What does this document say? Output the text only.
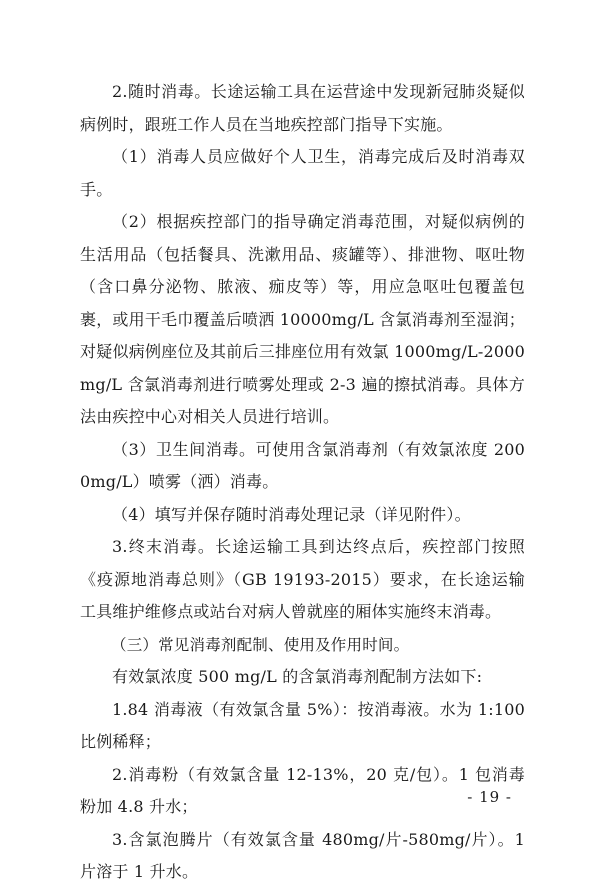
2.随时消毒。长途运输工具在运营途中发现新冠肺炎疑似病例时，跟班工作人员在当地疾控部门指导下实施。

（1）消毒人员应做好个人卫生，消毒完成后及时消毒双手。

（2）根据疾控部门的指导确定消毒范围，对疑似病例的生活用品（包括餐具、洗漱用品、痰罐等）、排泄物、呕吐物（含口鼻分泌物、脓液、痂皮等）等，用应急呕吐包覆盖包裹，或用干毛巾覆盖后喷洒 10000mg/L 含氯消毒剂至湿润；对疑似病例座位及其前后三排座位用有效氯 1000mg/L-2000mg/L 含氯消毒剂进行喷雾处理或 2-3 遍的擦拭消毒。具体方法由疾控中心对相关人员进行培训。

（3）卫生间消毒。可使用含氯消毒剂（有效氯浓度 2000mg/L）喷雾（洒）消毒。

（4）填写并保存随时消毒处理记录（详见附件）。

3.终末消毒。长途运输工具到达终点后，疾控部门按照《疫源地消毒总则》（GB 19193-2015）要求，在长途运输工具维护维修点或站台对病人曾就座的厢体实施终末消毒。

（三）常见消毒剂配制、使用及作用时间。

有效氯浓度 500 mg/L 的含氯消毒剂配制方法如下:

1.84 消毒液（有效氯含量 5%）：按消毒液。水为 1:100 比例稀释；

2.消毒粉（有效氯含量 12-13%，20 克/包）。1 包消毒粉加 4.8 升水；

3.含氯泡腾片（有效氯含量 480mg/片-580mg/片）。1 片溶于 1 升水。

- 19 -
